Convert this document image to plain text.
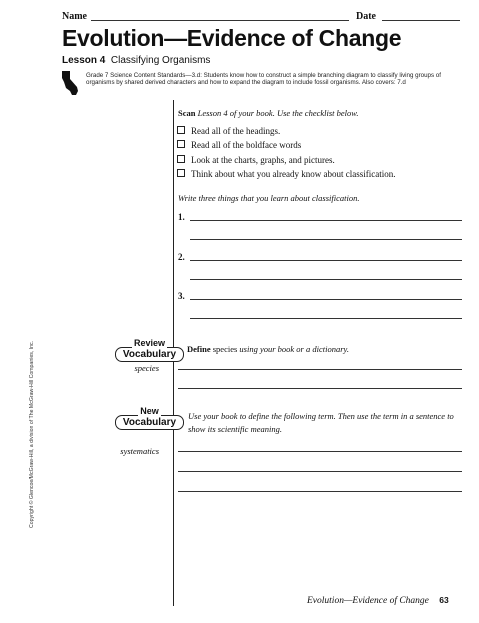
Name	Date
Evolution—Evidence of Change
Lesson 4 Classifying Organisms
Grade 7 Science Content Standards—3.d: Students know how to construct a simple branching diagram to classify living groups of organisms by shared derived characters and how to expand the diagram to include fossil organisms. Also covers: 7.d
Scan Lesson 4 of your book. Use the checklist below.
Read all of the headings.
Read all of the boldface words
Look at the charts, graphs, and pictures.
Think about what you already know about classification.
Write three things that you learn about classification.
1.
2.
3.
Review
Vocabulary	Define species using your book or a dictionary.
species
New
Vocabulary
Use your book to define the following term. Then use the term in a sentence to show its scientific meaning.
systematics
Copyright © Glencoe/McGraw-Hill, a division of The McGraw-Hill Companies, Inc.
Evolution—Evidence of Change 63
